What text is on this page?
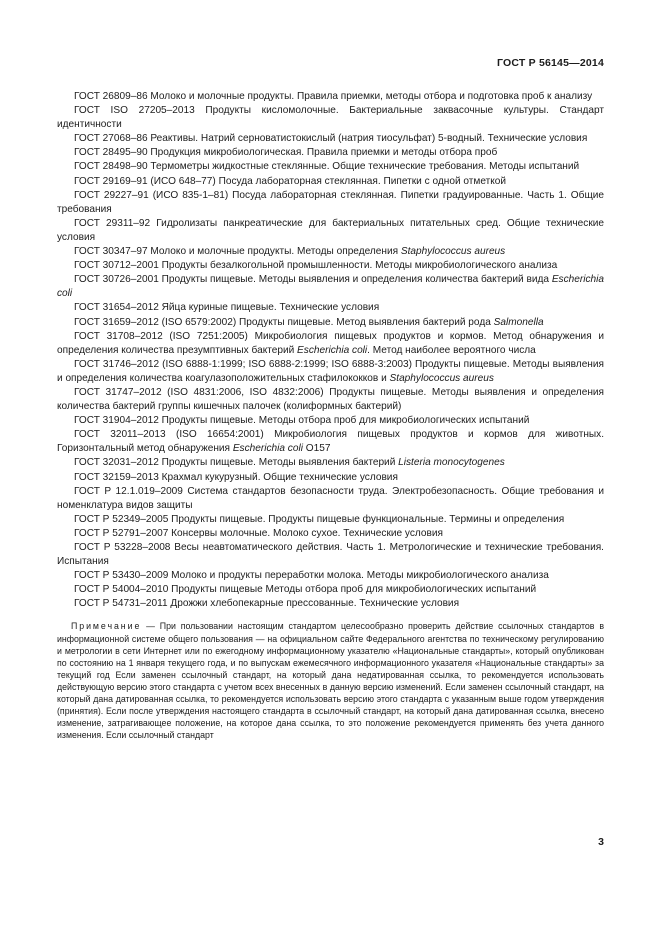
ГОСТ Р 56145—2014

ГОСТ 26809–86 Молоко и молочные продукты. Правила приемки, методы отбора и подготовка проб к анализу

ГОСТ ISO 27205–2013 Продукты кисломолочные. Бактериальные заквасочные культуры. Стандарт идентичности

ГОСТ 27068–86 Реактивы. Натрий серноватистокислый (натрия тиосульфат) 5-водный. Технические условия

ГОСТ 28495–90 Продукция микробиологическая. Правила приемки и методы отбора проб

ГОСТ 28498–90 Термометры жидкостные стеклянные. Общие технические требования. Методы испытаний

ГОСТ 29169–91 (ИСО 648–77) Посуда лабораторная стеклянная. Пипетки с одной отметкой

ГОСТ 29227–91 (ИСО 835-1–81) Посуда лабораторная стеклянная. Пипетки градуированные. Часть 1. Общие требования

ГОСТ 29311–92 Гидролизаты панкреатические для бактериальных питательных сред. Общие технические условия

ГОСТ 30347–97 Молоко и молочные продукты. Методы определения Staphylococcus aureus

ГОСТ 30712–2001 Продукты безалкогольной промышленности. Методы микробиологического анализа

ГОСТ 30726–2001 Продукты пищевые. Методы выявления и определения количества бактерий вида Escherichia coli

ГОСТ 31654–2012 Яйца куриные пищевые. Технические условия

ГОСТ 31659–2012 (ISO 6579:2002) Продукты пищевые. Метод выявления бактерий рода Salmonella

ГОСТ 31708–2012 (ISO 7251:2005) Микробиология пищевых продуктов и кормов. Метод обнаружения и определения количества презумптивных бактерий Escherichia coli. Метод наиболее вероятного числа

ГОСТ 31746–2012 (ISO 6888-1:1999; ISO 6888-2:1999; ISO 6888-3:2003) Продукты пищевые. Методы выявления и определения количества коагулазоположительных стафилококков и Staphylococcus aureus

ГОСТ 31747–2012 (ISO 4831:2006, ISO 4832:2006) Продукты пищевые. Методы выявления и определения количества бактерий группы кишечных палочек (колиформных бактерий)

ГОСТ 31904–2012 Продукты пищевые. Методы отбора проб для микробиологических испытаний

ГОСТ 32011–2013 (ISO 16654:2001) Микробиология пищевых продуктов и кормов для животных. Горизонтальный метод обнаружения Escherichia coli О157

ГОСТ 32031–2012 Продукты пищевые. Методы выявления бактерий Listeria monocytogenes

ГОСТ 32159–2013 Крахмал кукурузный. Общие технические условия

ГОСТ Р 12.1.019–2009 Система стандартов безопасности труда. Электробезопасность. Общие требования и номенклатура видов защиты

ГОСТ Р 52349–2005 Продукты пищевые. Продукты пищевые функциональные. Термины и определения

ГОСТ Р 52791–2007 Консервы молочные. Молоко сухое. Технические условия

ГОСТ Р 53228–2008 Весы неавтоматического действия. Часть 1. Метрологические и технические требования. Испытания

ГОСТ Р 53430–2009 Молоко и продукты переработки молока. Методы микробиологического анализа

ГОСТ Р 54004–2010 Продукты пищевые Методы отбора проб для микробиологических испытаний

ГОСТ Р 54731–2011 Дрожжи хлебопекарные прессованные. Технические условия

Примечание — При пользовании настоящим стандартом целесообразно проверить действие ссылочных стандартов в информационной системе общего пользования — на официальном сайте Федерального агентства по техническому регулированию и метрологии в сети Интернет или по ежегодному информационному указателю «Национальные стандарты», который опубликован по состоянию на 1 января текущего года, и по выпускам ежемесячного информационного указателя «Национальные стандарты» за текущий год Если заменен ссылочный стандарт, на который дана недатированная ссылка, то рекомендуется использовать действующую версию этого стандарта с учетом всех внесенных в данную версию изменений. Если заменен ссылочный стандарт, на который дана датированная ссылка, то рекомендуется использовать версию этого стандарта с указанным выше годом утверждения (принятия). Если после утверждения настоящего стандарта в ссылочный стандарт, на который дана датированная ссылка, внесено изменение, затрагивающее положение, на которое дана ссылка, то это положение рекомендуется применять без учета данного изменения. Если ссылочный стандарт
3
